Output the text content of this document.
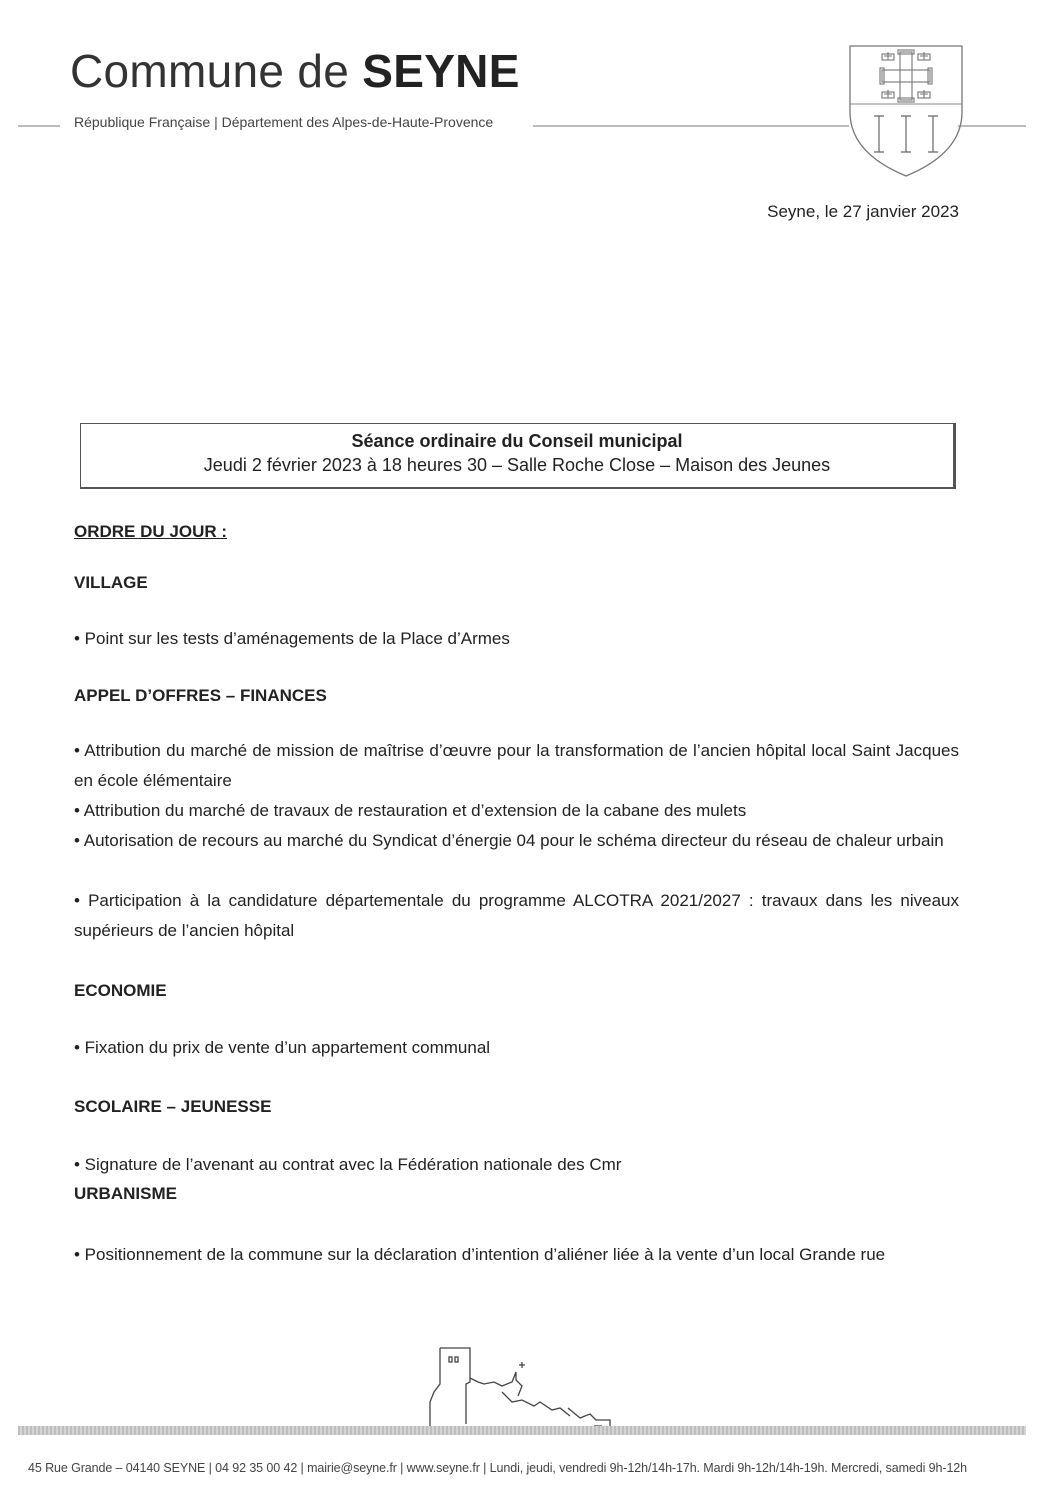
Commune de SEYNE
République Française | Département des Alpes-de-Haute-Provence
Seyne, le 27 janvier 2023
Séance ordinaire du Conseil municipal
Jeudi 2 février 2023 à 18 heures 30 – Salle Roche Close – Maison des Jeunes
ORDRE DU JOUR :
VILLAGE
• Point sur les tests d’aménagements de la Place d’Armes
APPEL D’OFFRES – FINANCES
• Attribution du marché de mission de maîtrise d’œuvre pour la transformation de l’ancien hôpital local Saint Jacques en école élémentaire
• Attribution du marché de travaux de restauration et d’extension de la cabane des mulets
• Autorisation de recours au marché du Syndicat d’énergie 04 pour le schéma directeur du réseau de chaleur urbain
• Participation à la candidature départementale du programme ALCOTRA 2021/2027 : travaux dans les niveaux supérieurs de l’ancien hôpital
ECONOMIE
• Fixation du prix de vente d’un appartement communal
SCOLAIRE – JEUNESSE
• Signature de l’avenant au contrat avec la Fédération nationale des Cmr
URBANISME
• Positionnement de la commune sur la déclaration d’intention d’aliéner liée à la vente d’un local Grande rue
45 Rue Grande – 04140 SEYNE | 04 92 35 00 42 | mairie@seyne.fr | www.seyne.fr | Lundi, jeudi, vendredi 9h-12h/14h-17h. Mardi 9h-12h/14h-19h. Mercredi, samedi 9h-12h
